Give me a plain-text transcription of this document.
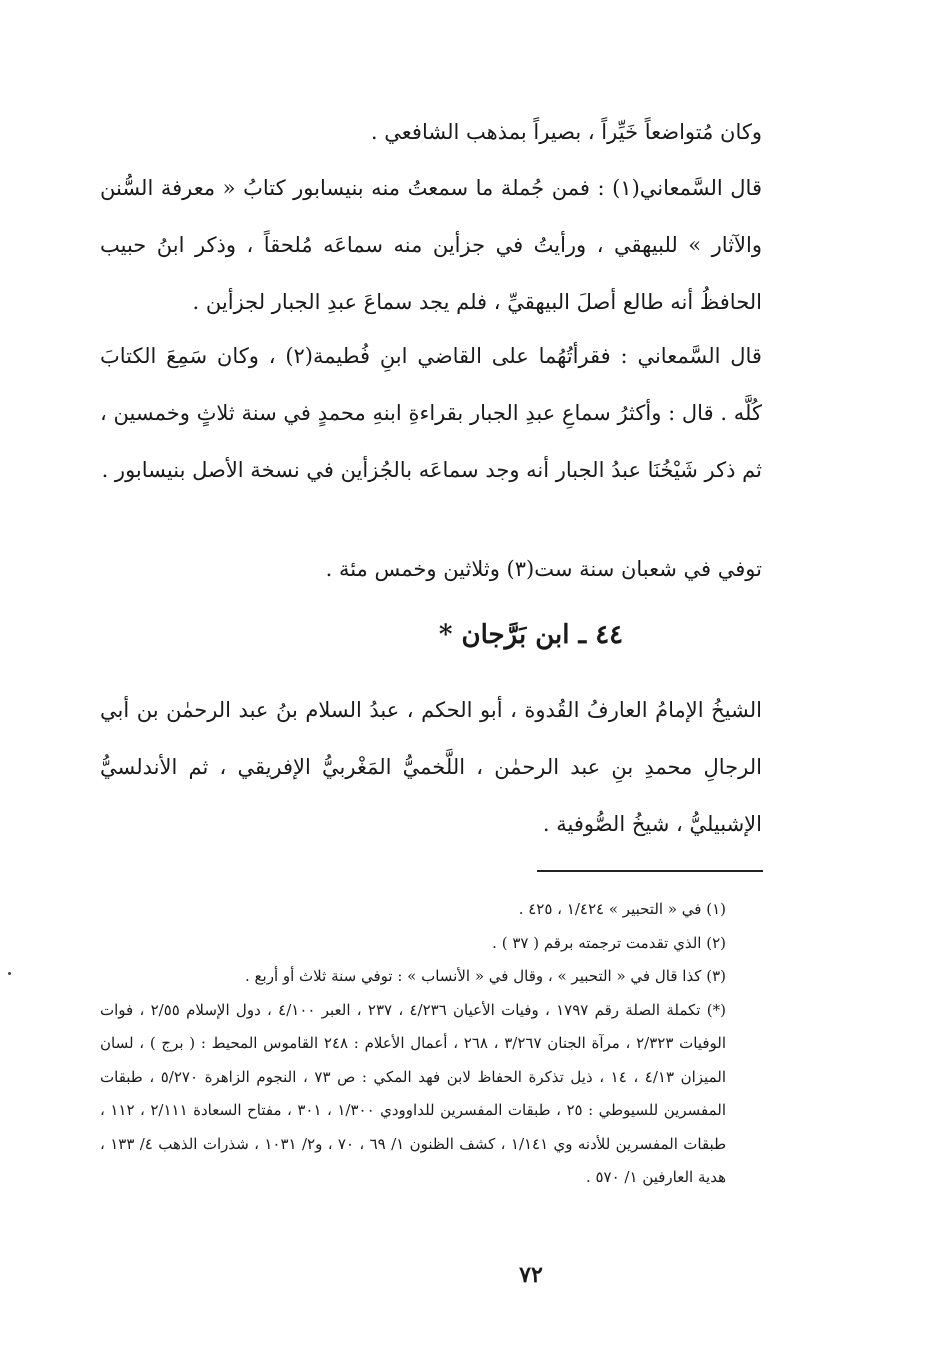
وكان مُتواضعاً خَيِّراً ، بصيراً بمذهب الشافعي .

قال السَّمعاني(١) : فمن جُملة ما سمعتُ منه بنيسابور كتابُ « معرفة السُّنن والآثار » للبيهقي ، ورأيتُ في جزأين منه سماعَه مُلحقاً ، وذكر ابنُ حبيب الحافظُ أنه طالع أصلَ البيهقيِّ ، فلم يجد سماعَ عبدِ الجبار لجزأين .

قال السَّمعاني : فقرأتُهُما على القاضي ابنِ فُطيمة(٢) ، وكان سَمِعَ الكتابَ كُلَّه . قال : وأكثرُ سماعِ عبدِ الجبار بقراءةِ ابنهِ محمدٍ في سنة ثلاثٍ وخمسين ، ثم ذكر شَيْخُنَا عبدُ الجبار أنه وجد سماعَه بالجُزأين في نسخة الأصل بنيسابور .

توفي في شعبان سنة ست(٣) وثلاثين وخمس مئة .

٤٤ ـ ابن بَرَّجان *

الشيخُ الإمامُ العارفُ القُدوة ، أبو الحكم ، عبدُ السلام بنُ عبد الرحمٰن بن أبي الرجالِ محمدِ بنِ عبد الرحمٰن ، اللَّخميُّ المَغْربيُّ الإفريقي ، ثم الأندلسيُّ الإشبيليُّ ، شيخُ الصُّوفية .

(١) في « التحبير » ١/٤٢٤ ، ٤٢٥ .
(٢) الذي تقدمت ترجمته برقم ( ٣٧ ) .
(٣) كذا قال في « التحبير » ، وقال في « الأنساب » : توفي سنة ثلاث أو أربع .
(*) تكملة الصلة رقم ١٧٩٧ ، وفيات الأعيان ٤/٢٣٦ ، ٢٣٧ ، العبر ٤/١٠٠ ، دول الإسلام ٢/٥٥ ، فوات الوفيات ٢/٣٢٣ ، مرآة الجنان ٣/٢٦٧ ، ٢٦٨ ، أعمال الأعلام : ٢٤٨ القاموس المحيط : ( برج ) ، لسان الميزان ٤/١٣ ، ١٤ ، ذيل تذكرة الحفاظ لابن فهد المكي : ص ٧٣ ، النجوم الزاهرة ٥/٢٧٠ ، طبقات المفسرين للسيوطي : ٢٥ ، طبقات المفسرين للداوودي ١/٣٠٠ ، ٣٠١ ، مفتاح السعادة ٢/١١١ ، ١١٢ ، طبقات المفسرين للأدنه وي ١/١٤١ ، كشف الظنون ١/ ٦٩ ، ٧٠ ، و٢/ ١٠٣١ ، شذرات الذهب ٤/ ١٣٣ ، هدية العارفين ١/ ٥٧٠ .
٧٢
